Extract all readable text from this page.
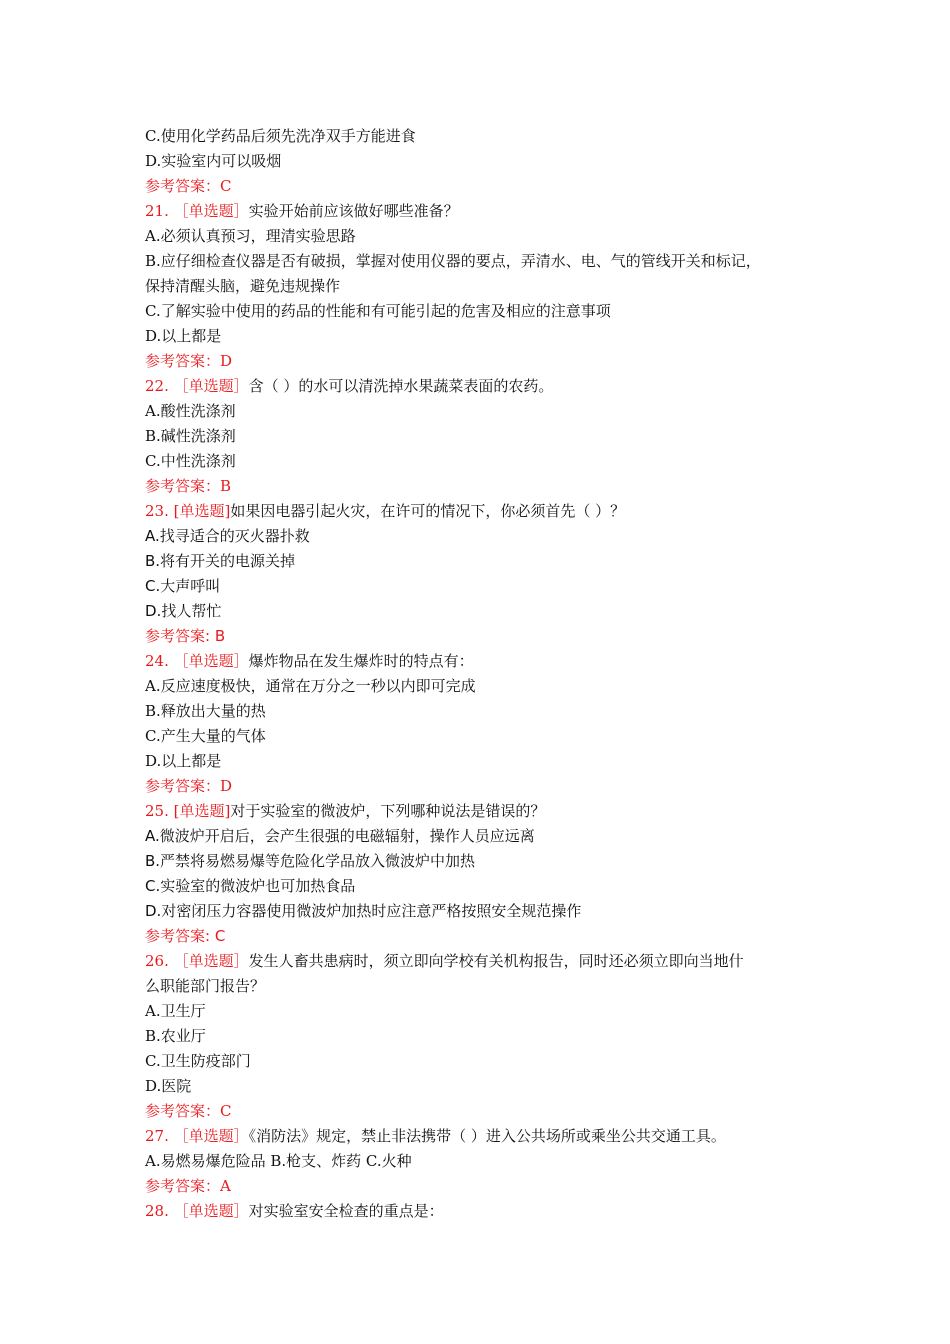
C.使用化学药品后须先洗净双手方能进食
D.实验室内可以吸烟
参考答案：C
21. ［单选题］实验开始前应该做好哪些准备？
A.必须认真预习，理清实验思路
B.应仔细检查仪器是否有破损，掌握对使用仪器的要点，弄清水、电、气的管线开关和标记，
保持清醒头脑，避免违规操作
C.了解实验中使用的药品的性能和有可能引起的危害及相应的注意事项
D.以上都是
参考答案：D
22. ［单选题］含（ ）的水可以清洗掉水果蔬菜表面的农药。
A.酸性洗涤剂
B.碱性洗涤剂
C.中性洗涤剂
参考答案：B
23. [单选题]如果因电器引起火灾，在许可的情况下，你必须首先（ ）？
A.找寻适合的灭火器扑救
B.将有开关的电源关掉
C.大声呼叫
D.找人帮忙
参考答案: B
24. ［单选题］爆炸物品在发生爆炸时的特点有：
A.反应速度极快，通常在万分之一秒以内即可完成
B.释放出大量的热
C.产生大量的气体
D.以上都是
参考答案：D
25. [单选题]对于实验室的微波炉，下列哪种说法是错误的？
A.微波炉开启后，会产生很强的电磁辐射，操作人员应远离
B.严禁将易燃易爆等危险化学品放入微波炉中加热
C.实验室的微波炉也可加热食品
D.对密闭压力容器使用微波炉加热时应注意严格按照安全规范操作
参考答案: C
26. ［单选题］发生人畜共患病时，须立即向学校有关机构报告，同时还必须立即向当地什
么职能部门报告？
A.卫生厅
B.农业厅
C.卫生防疫部门
D.医院
参考答案：C
27. ［单选题］《消防法》规定，禁止非法携带（ ）进入公共场所或乘坐公共交通工具。
A.易燃易爆危险品 B.枪支、炸药 C.火种
参考答案：A
28. ［单选题］对实验室安全检查的重点是：
